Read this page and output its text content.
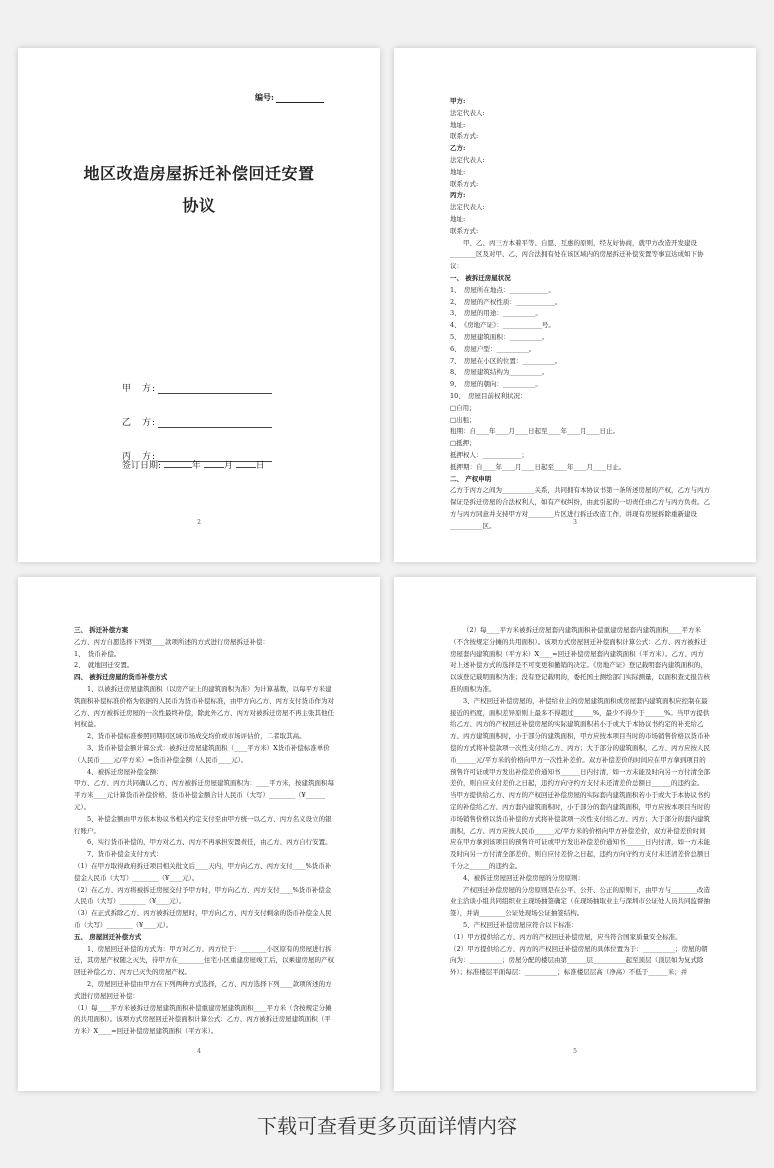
编号:
地区改造房屋拆迁补偿回迁安置协议
甲　方:
乙　方:
丙　方:
签订日期:	年	月	日
2

甲方:

法定代表人:

地址:

联系方式:

乙方:

法定代表人:

地址:

联系方式:

丙方:

法定代表人:

地址:

联系方式:

甲、乙、丙三方本着平等、自愿、互惠的原则，经友好协商，就甲方改造开发建设________区及对甲、乙、丙合法拥有处在该区域内的房屋拆迁补偿安置等事宜达成如下协议：

一、 被拆迁房屋状况

1、　房屋所在地点：____________。

2、　房屋的产权性质：____________。

3、　房屋的用途：__________。

4、　《房地产证》：____________号。

5、　房屋建筑面积：__________。

6、　房屋户型：__________。

7、　房屋在小区的位置：__________。

8、　房屋建筑结构为__________。

9、　房屋的朝向：__________。

10、　房屋目前权利状况：

□自用；

□出租；

租期：自____年____月____日起至____年____月____日止。

□抵押；

抵押权人：____________；

抵押期：自____年____月____日起至____年____月____日止。

二、 产权申明

乙方于丙方之间为__________关系，共同拥有本协议书第一条所述房屋的产权，乙方与丙方保证是拆迁房屋的合法权利人，如有产权纠纷，由此引起的一切责任由乙方与丙方负责。乙方与丙方同意并支持甲方对________片区进行拆迁改造工作，讲现有房屋拆除重新建设__________区。	3

三、 拆迁补偿方案

乙方、丙方自愿选择下列第____款项所述的方式进行房屋拆迁补偿：

1、　货币补偿。

2、　就地回迁安置。

四、 被拆迁房屋的货币补偿方式

1、以被拆迁房屋建筑面积（以房产证上的建筑面积为准）为计算基数，以每平方米建筑面积补偿标准价格为依据的人民币为货币补偿标准，由甲方向乙方、丙方支付货币作为对乙方、丙方被拆迁房屋的一次性最终补偿，除此外乙方、丙方对被拆迁房屋不再主张其他任何权益。

2、货币补偿标准参照同期同区域市场成交均价或市场评估价，二者取其高。

3、货币补偿金额计算公式：被拆迁房屋建筑面积（____平方米）X货币补偿标准单价（人民币____元/平方米）=货币补偿金额（人民币____元）。

4、被拆迁房屋补偿金额：

甲方、乙方、丙方共同确认乙方、丙方被拆迁房屋建筑面积为：____平方米，按建筑面积每平方米____元计算货币补偿价格，货币补偿金额合计人民币（大写）________（¥______元）。

5、补偿金额由甲方依本协议书相关约定支付至由甲方统一以乙方、丙方名义设立的银行账户。

6、实行货币补偿的，甲方对乙方、丙方不再承担安置责任，由乙方、丙方自行安置。

7、货币补偿金支付方式：

（1）在甲方取得政府拆迁项目相关批文后____天内，甲方向乙方、丙方支付____%货币补偿金人民币（大写）________（¥____元）。

（2）在乙方、丙方将被拆迁房屋交付予甲方时，甲方向乙方、丙方支付____%货币补偿金人民币（大写）________（¥____元）。

（3）在正式拆除乙方、丙方被拆迁房屋时，甲方向乙方、丙方支付剩余的货币补偿金人民币（大写）________（¥____元）。

五、 房屋回迁补偿方式

1、房屋回迁补偿的方式为：甲方对乙方、丙方位于：________小区原有的房屋进行拆迁，其房屋产权随之灭失，待甲方在________住宅小区重建房屋竣工后，以乘建房屋的产权回迁补偿乙方、丙方已灭失的房屋产权。

2、房屋回迁补偿由甲方在下列两种方式选择，乙方、丙方选择下列____款项所述的方式进行房屋回迁补偿：

（1）每____平方米被拆迁房屋建筑面积补偿重建房屋建筑面积____平方米（含按规定分摊的共用面积）。该项方式房屋回迁补偿面积计算公式：乙方、丙方被拆迁房屋建筑面积（平方米）X____=回迁补偿房屋建筑面积（平方米）。

4

（2）每____平方米被拆迁房屋套内建筑面积补偿重建房屋套内建筑面积____平方米（不含按规定分摊的共用面积）。该项方式房屋回迁补偿面积计算公式：乙方、丙方被拆迁房屋套内建筑面积（平方米）X____=回迁补偿房屋套内建筑面积（平方米）。乙方、丙方对上述补偿方式的选择是不可变更和撤销的决定。《房地产证》登记载明套内建筑面积的，以该登记载明面积为准；没有登记载明的，委托国土测绘部门实际测量，以面积查丈报告核准的面积为准。

3、产权回迁补偿房屋的，补偿给业主的房屋建筑面积或房屋套内建筑面积应控制在最接近的档度，面积差异原则上最多不得超过______%，最少不得少于______%。当甲方提供给乙方、丙方的产权回迁补偿房屋的实际建筑面积若小于或大于本协议书约定的补充给乙方、丙方建筑面积时，小于部分的建筑面积，甲方应按本项目当时的市场销售价格以货币补偿的方式将补偿款项一次性支付给乙方、丙方；大于部分的建筑面积，乙方、丙方应按人民币______元/平方米的价格向甲方一次性补差价。双方补偿差价的时间应在甲方拿到项目的预售许可证或甲方发出补偿差价通知书______日内付清，如一方未能及时向另一方付清全部差价，则自应支付差价之日起，违约方向守约方支付未还清差价总额日______的违约金。

当甲方提供给乙方、丙方的产权回迁补偿房屋的实际套内建筑面积若小于或大于本协议书约定的补偿给乙方、丙方套内建筑面积时，小于部分的套内建筑面积，甲方应按本项目当时的市场销售价格以货币补偿的方式将补偿款项一次性支付给乙方、丙方；大于部分的套内建筑面积，乙方、丙方应按人民币______元/平方米的价格向甲方补偿差价，双方补偿差价时间应在甲方拿到该项目的预售许可证或甲方发出补偿差价通知书______日内付清，如一方未能及时向另一方付清全部差价，则自应付差价之日起，违约方向守约方支付未还清差价总额日千分之______的违约金。

4、被拆迁房屋回迁补偿房屋的分房原则：

产权回迁补偿房屋的分房原则是在公平、公开、公正的原则下，由甲方与________改造业主洽谈小组共同组织业主现场抽签确定（在现场抽取业主与深圳市公证处人员共同监督抽签），并请________公证处现场公证抽签结构。

5、产权回迁补偿房屋应符合以下标准：

（1）甲方提供给乙方、丙方的产权回迁补偿房屋，应当符合国家质量安全标准。

（2）甲方提供给乙方、丙方的产权回迁补偿房屋的具体位置为于：__________；房屋的朝向为：__________；房屋分配的楼层由第______层__________起至顶层（顶层如为复式除外）；标准楼层平面每层：__________；标准楼层层高（净高）不低于______米；并

5
下载可查看更多页面详情内容
